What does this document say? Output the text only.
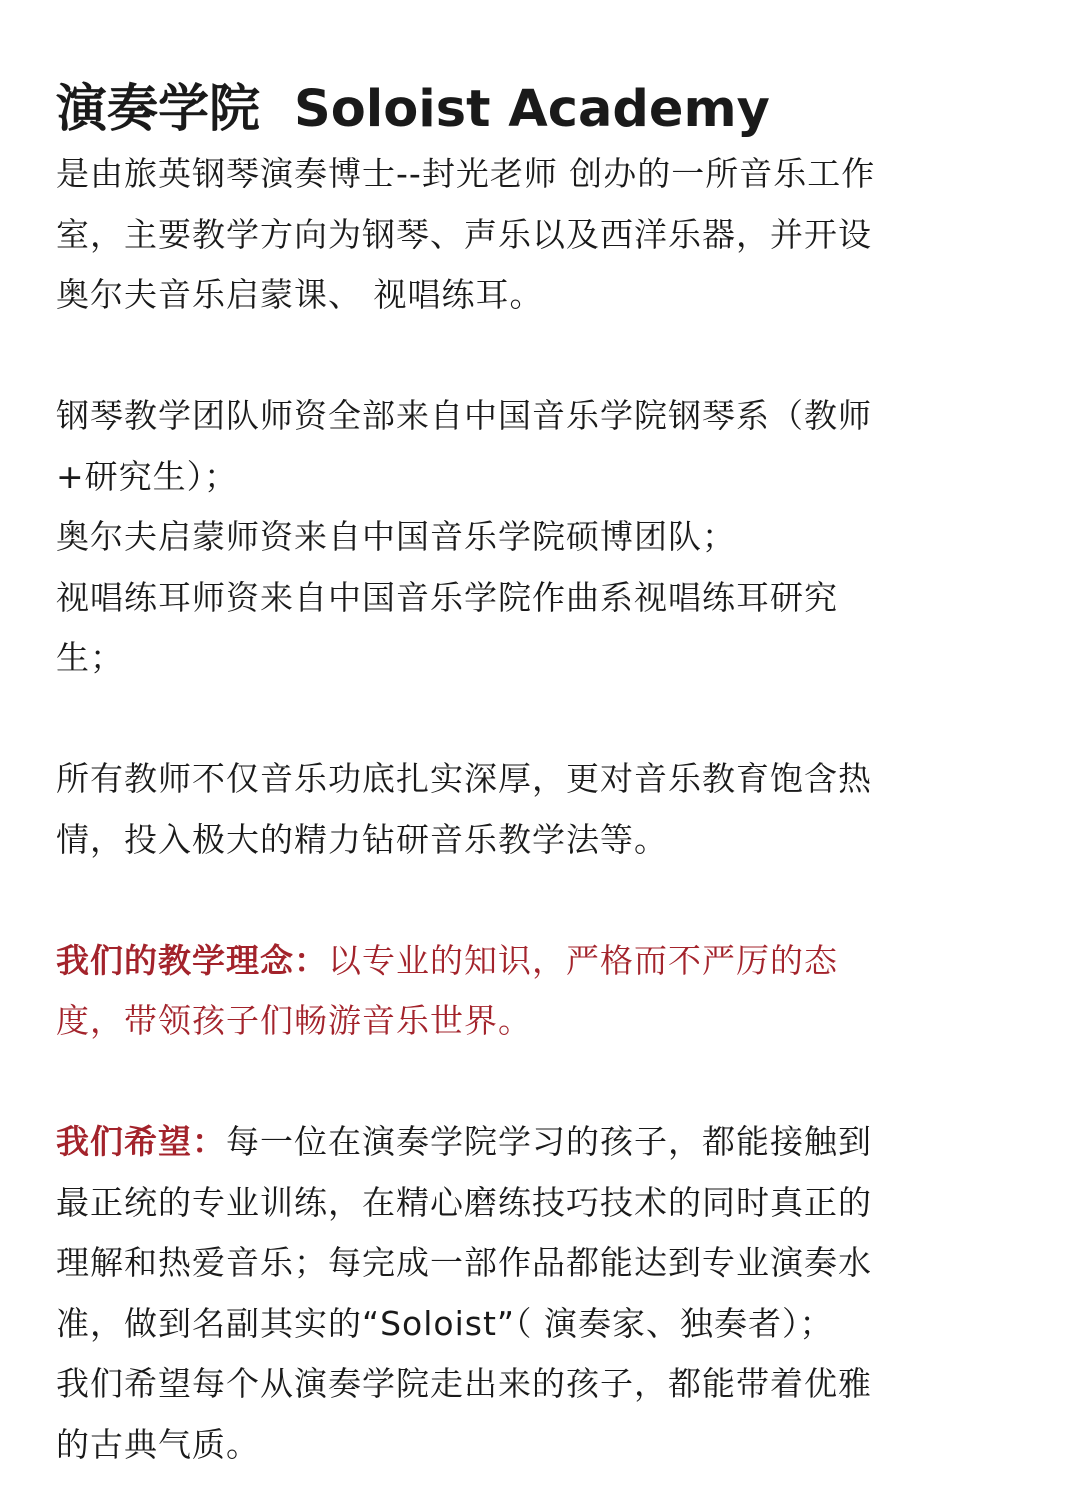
演奏学院 Soloist Academy

是由旅英钢琴演奏博士--封光老师 创办的一所音乐工作
室，主要教学方向为钢琴、声乐以及西洋乐器，并开设
奥尔夫音乐启蒙课、 视唱练耳。

钢琴教学团队师资全部来自中国音乐学院钢琴系（教师
+研究生）；
奥尔夫启蒙师资来自中国音乐学院硕博团队；
视唱练耳师资来自中国音乐学院作曲系视唱练耳研究
生；

所有教师不仅音乐功底扎实深厚，更对音乐教育饱含热
情，投入极大的精力钻研音乐教学法等。

我们的教学理念：以专业的知识，严格而不严厉的态
度，带领孩子们畅游音乐世界。

我们希望：每一位在演奏学院学习的孩子，都能接触到
最正统的专业训练，在精心磨练技巧技术的同时真正的
理解和热爱音乐；每完成一部作品都能达到专业演奏水
准，做到名副其实的“Soloist”（ 演奏家、独奏者）；
我们希望每个从演奏学院走出来的孩子，都能带着优雅
的古典气质。
